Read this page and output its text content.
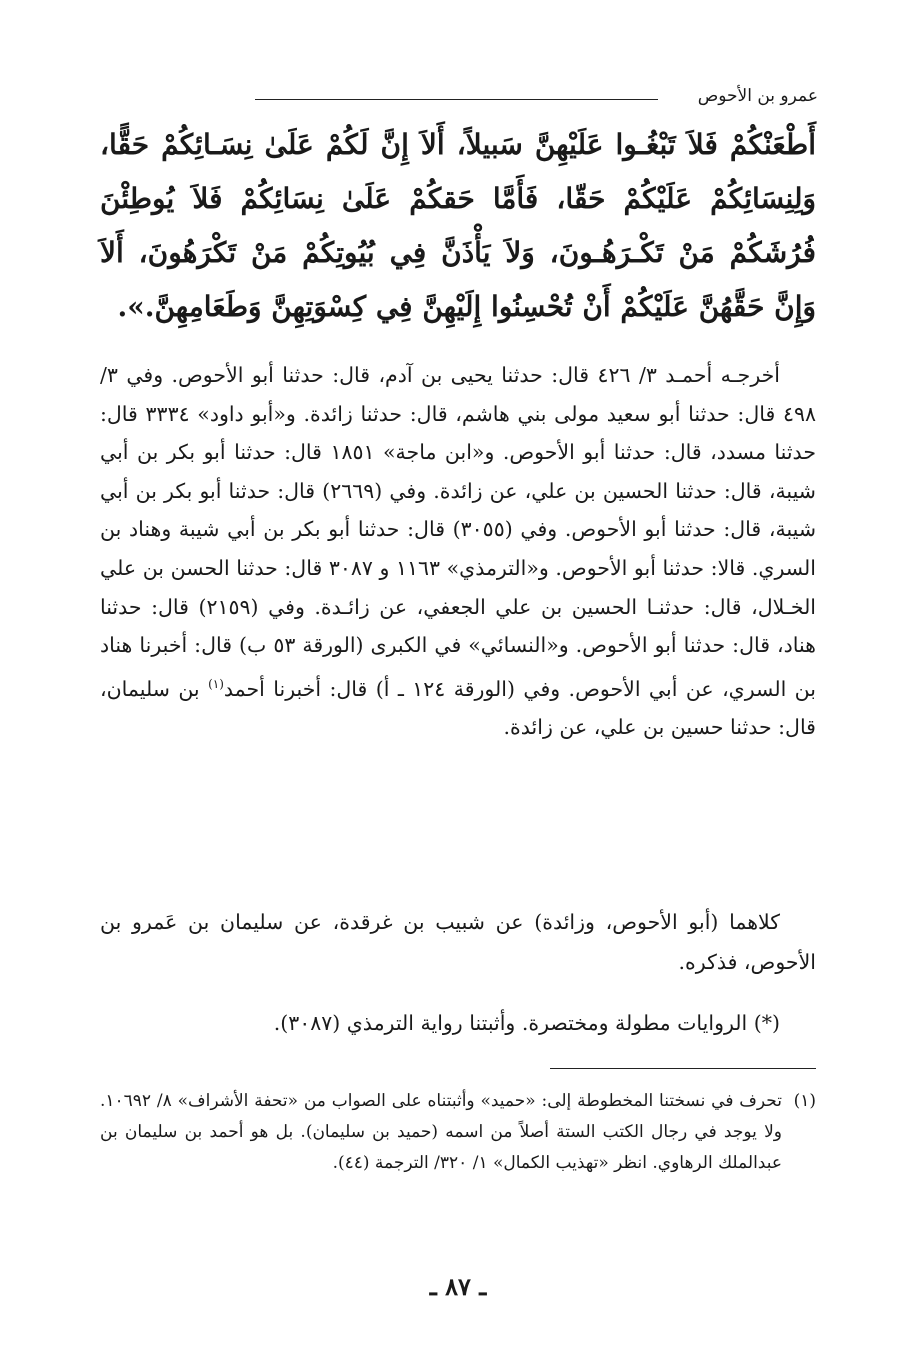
عمرو بن الأحوص
أَطْعَنْكُمْ فَلاَ تَبْغُـوا عَلَيْهِنَّ سَبيلاً، أَلاَ إِنَّ لَكُمْ عَلَىٰ نِسَـائِكُمْ حَقًّا، وَلِنِسَائِكُمْ عَلَيْكُمْ حَقّا، فَأَمَّا حَقكُمْ عَلَىٰ نِسَائِكُمْ فَلاَ يُوطِئْنَ فُرُشَكُمْ مَنْ تَكْـرَهُـونَ، وَلاَ يَأْذَنَّ فِي بُيُوتِكُمْ مَنْ تَكْرَهُونَ، أَلاَ وَإِنَّ حَقَّهُنَّ عَلَيْكُمْ أَنْ تُحْسِنُوا إِلَيْهِنَّ فِي كِسْوَتِهِنَّ وَطَعَامِهِنَّ.».
أخرجـه أحمـد ٣/ ٤٢٦ قال: حدثنا يحيى بن آدم، قال: حدثنا أبو الأحوص. وفي ٣/ ٤٩٨ قال: حدثنا أبو سعيد مولى بني هاشم، قال: حدثنا زائدة. و«أبو داود» ٣٣٣٤ قال: حدثنا مسدد، قال: حدثنا أبو الأحوص. و«ابن ماجة» ١٨٥١ قال: حدثنا أبو بكر بن أبي شيبة، قال: حدثنا الحسين بن علي، عن زائدة. وفي (٢٦٦٩) قال: حدثنا أبو بكر بن أبي شيبة، قال: حدثنا أبو الأحوص. وفي (٣٠٥٥) قال: حدثنا أبو بكر بن أبي شيبة وهناد بن السري. قالا: حدثنا أبو الأحوص. و«الترمذي» ١١٦٣ و ٣٠٨٧ قال: حدثنا الحسن بن علي الخـلال، قال: حدثنـا الحسين بن علي الجعفي، عن زائـدة. وفي (٢١٥٩) قال: حدثنا هناد، قال: حدثنا أبو الأحوص. و«النسائي» في الكبرى (الورقة ٥٣ ب) قال: أخبرنا هناد بن السري، عن أبي الأحوص. وفي (الورقة ١٢٤ ـ أ) قال: أخبرنا أحمد$^{(١)}$ بن سليمان، قال: حدثنا حسين بن علي، عن زائدة.
كلاهما (أبو الأحوص، وزائدة) عن شبيب بن غرقدة، عن سليمان بن عَمرو بن الأحوص، فذكره.
(*) الروايات مطولة ومختصرة. وأثبتنا رواية الترمذي (٣٠٨٧).
(١)
تحرف في نسختنا المخطوطة إلى: «حميد» وأثبتناه على الصواب من «تحفة الأشراف» ٨/ ١٠٦٩٢. ولا يوجد في رجال الكتب الستة أصلاً من اسمه (حميد بن سليمان). بل هو أحمد بن سليمان بن عبدالملك الرهاوي. انظر «تهذيب الكمال» ١/ ٣٢٠/ الترجمة (٤٤).
ـ ٨٧ ـ
